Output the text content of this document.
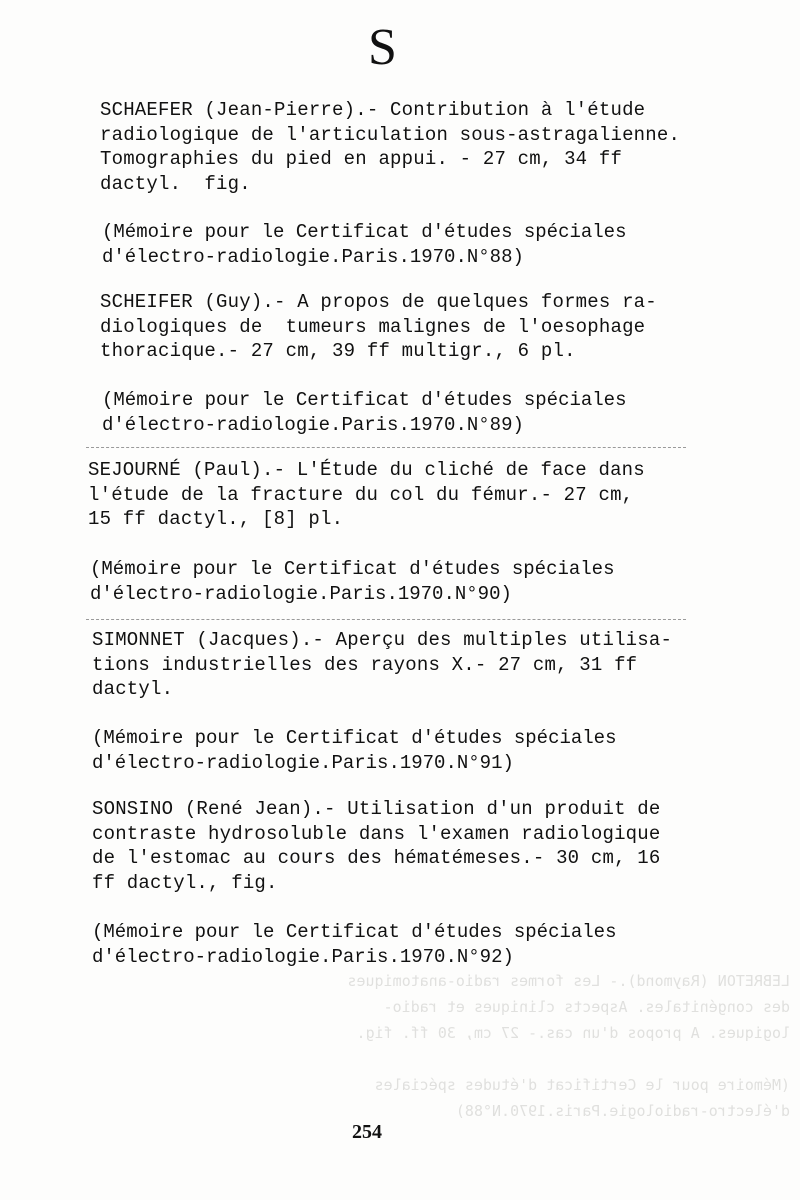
LEBRETON (Raymond).- Les formes radio-anatomiques
des congénitales. Aspects cliniques et radio-
logiques. A propos d'un cas.- 27 cm, 30 ff. fig.

(Mémoire pour le Certificat d'études spéciales
d'électro-radiologie.Paris.1970.N°88)
S
SCHAEFER (Jean-Pierre).- Contribution à l'étude
radiologique de l'articulation sous-astragalienne.
Tomographies du pied en appui. - 27 cm, 34 ff
dactyl.  fig.
(Mémoire pour le Certificat d'études spéciales
d'électro-radiologie.Paris.1970.N°88)
SCHEIFER (Guy).- A propos de quelques formes ra-
diologiques de  tumeurs malignes de l'oesophage
thoracique.- 27 cm, 39 ff multigr., 6 pl.
(Mémoire pour le Certificat d'études spéciales
d'électro-radiologie.Paris.1970.N°89)
SEJOURNÉ (Paul).- L'Étude du cliché de face dans
l'étude de la fracture du col du fémur.- 27 cm,
15 ff dactyl., [8] pl.
(Mémoire pour le Certificat d'études spéciales
d'électro-radiologie.Paris.1970.N°90)
SIMONNET (Jacques).- Aperçu des multiples utilisa-
tions industrielles des rayons X.- 27 cm, 31 ff
dactyl.
(Mémoire pour le Certificat d'études spéciales
d'électro-radiologie.Paris.1970.N°91)
SONSINO (René Jean).- Utilisation d'un produit de
contraste hydrosoluble dans l'examen radiologique
de l'estomac au cours des hématémeses.- 30 cm, 16
ff dactyl., fig.
(Mémoire pour le Certificat d'études spéciales
d'électro-radiologie.Paris.1970.N°92)
254
